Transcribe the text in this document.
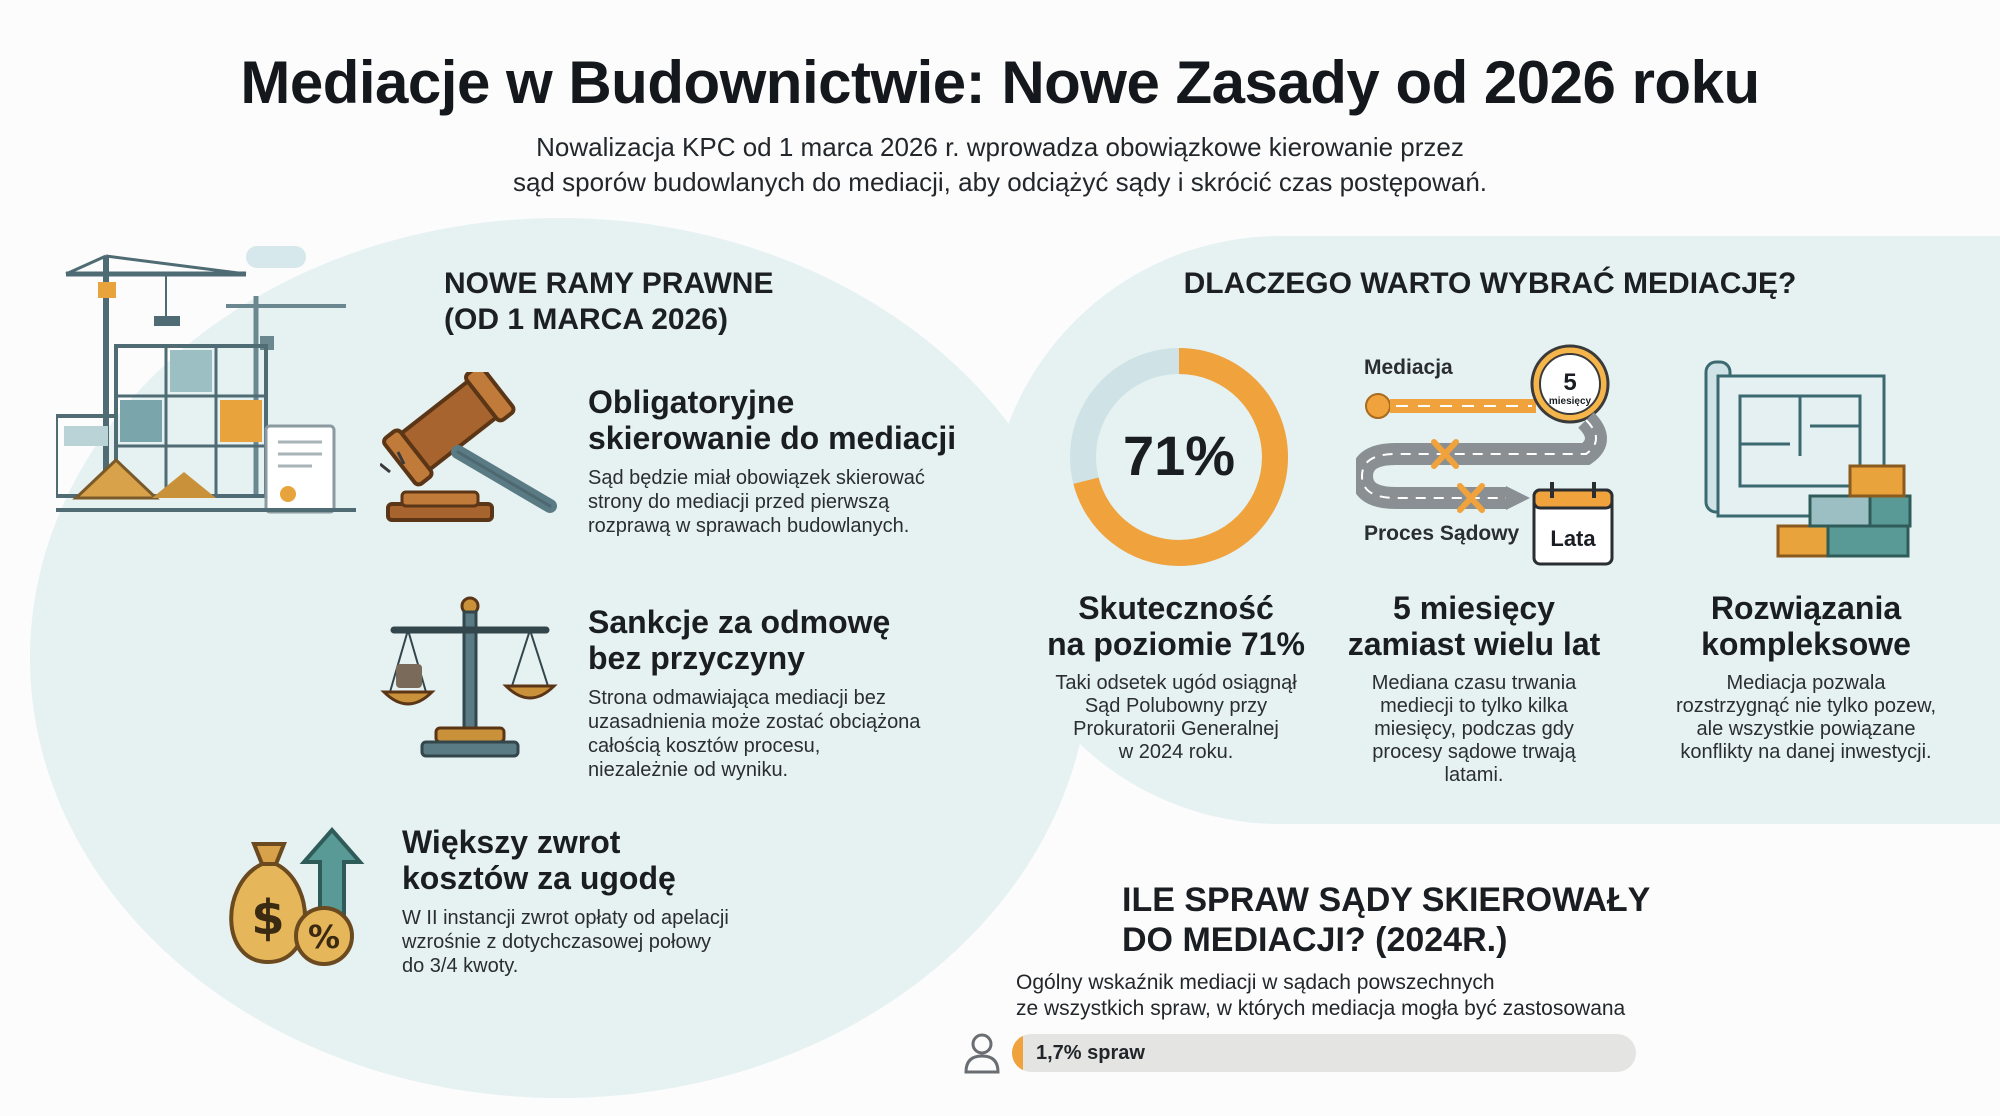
Mediacje w Budownictwie: Nowe Zasady od 2026 roku
Nowalizacja KPC od 1 marca 2026 r. wprowadza obowiązkowe kierowanie przez
sąd sporów budowlanych do mediacji, aby odciążyć sądy i skrócić czas postępowań.
NOWE RAMY PRAWNE
(OD 1 MARCA 2026)
Obligatoryjne
skierowanie do mediacji
Sąd będzie miał obowiązek skierować
strony do mediacji przed pierwszą
rozprawą w sprawach budowlanych.
Sankcje za odmowę
bez przyczyny
Strona odmawiająca mediacji bez
uzasadnienia może zostać obciążona
całością kosztów procesu,
niezależnie od wyniku.
$ %
Większy zwrot
kosztów za ugodę
W II instancji zwrot opłaty od apelacji
wzrośnie z dotychczasowej połowy
do 3/4 kwoty.
DLACZEGO WARTO WYBRAĆ MEDIACJĘ?
71%
Mediacja
5
miesięcy
Proces Sądowy Lata
Skuteczność
na poziomie 71%
Taki odsetek ugód osiągnął
Sąd Polubowny przy
Prokuratorii Generalnej
w 2024 roku.
5 miesięcy
zamiast wielu lat
Mediana czasu trwania
mediecji to tylko kilka
miesięcy, podczas gdy
procesy sądowe trwają
latami.
Rozwiązania
kompleksowe
Mediacja pozwala
rozstrzygnąć nie tylko pozew,
ale wszystkie powiązane
konflikty na danej inwestycji.
ILE SPRAW SĄDY SKIEROWAŁY
DO MEDIACJI? (2024R.)
Ogólny wskaźnik mediacji w sądach powszechnych
ze wszystkich spraw, w których mediacja mogła być zastosowana
1,7% spraw
